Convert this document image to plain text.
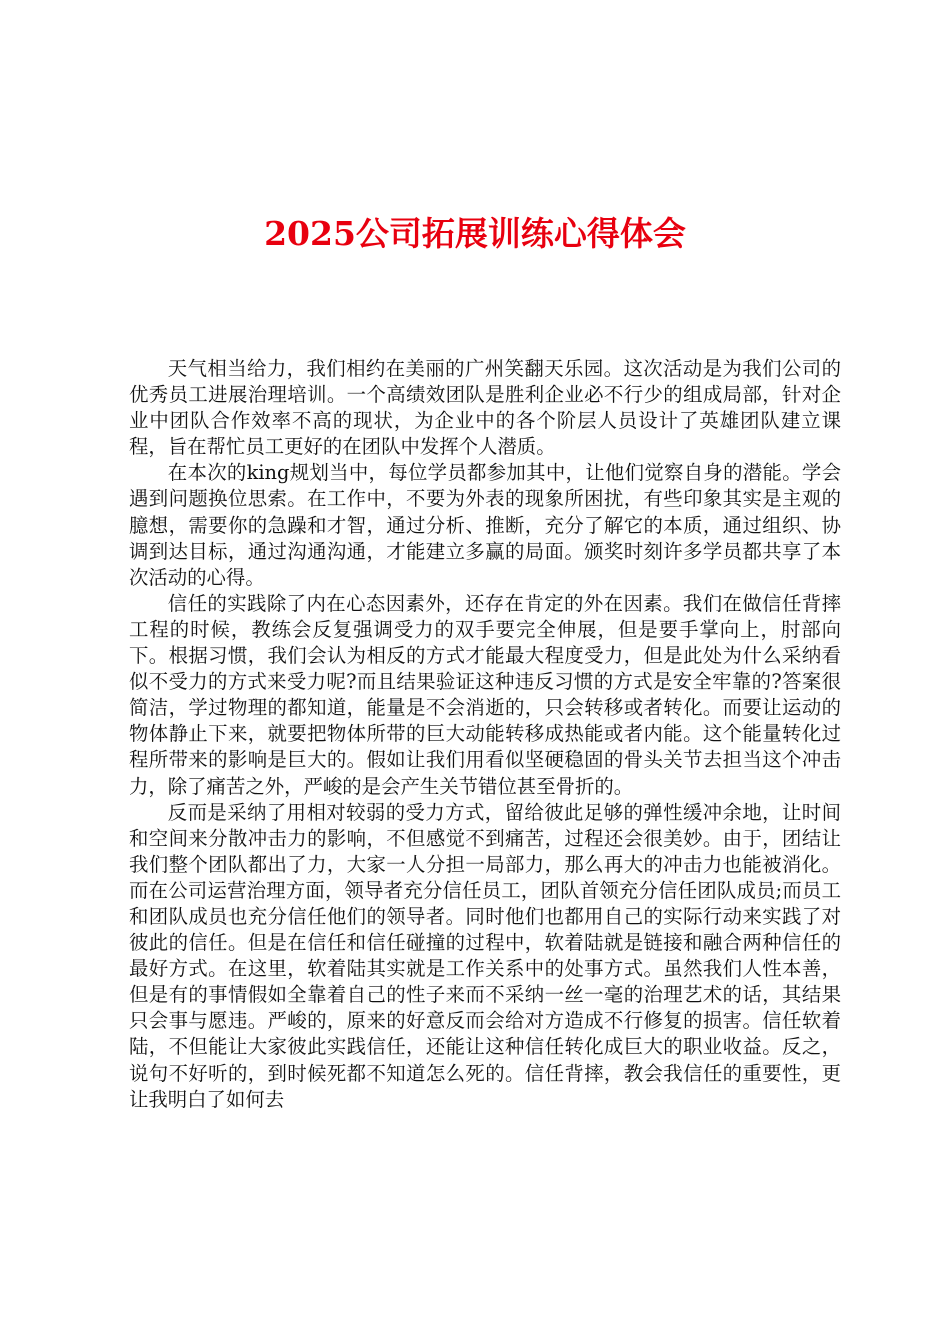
2025公司拓展训练心得体会

天气相当给力，我们相约在美丽的广州笑翻天乐园。这次活动是为我们公司的优秀员工进展治理培训。一个高绩效团队是胜利企业必不行少的组成局部，针对企业中团队合作效率不高的现状，为企业中的各个阶层人员设计了英雄团队建立课程，旨在帮忙员工更好的在团队中发挥个人潜质。

在本次的king规划当中，每位学员都参加其中，让他们觉察自身的潜能。学会遇到问题换位思索。在工作中，不要为外表的现象所困扰，有些印象其实是主观的臆想，需要你的急躁和才智，通过分析、推断，充分了解它的本质，通过组织、协调到达目标，通过沟通沟通，才能建立多赢的局面。颁奖时刻许多学员都共享了本次活动的心得。

信任的实践除了内在心态因素外，还存在肯定的外在因素。我们在做信任背摔工程的时候，教练会反复强调受力的双手要完全伸展，但是要手掌向上，肘部向下。根据习惯，我们会认为相反的方式才能最大程度受力，但是此处为什么采纳看似不受力的方式来受力呢?而且结果验证这种违反习惯的方式是安全牢靠的?答案很简洁，学过物理的都知道，能量是不会消逝的，只会转移或者转化。而要让运动的物体静止下来，就要把物体所带的巨大动能转移成热能或者内能。这个能量转化过程所带来的影响是巨大的。假如让我们用看似坚硬稳固的骨头关节去担当这个冲击力，除了痛苦之外，严峻的是会产生关节错位甚至骨折的。

反而是采纳了用相对较弱的受力方式，留给彼此足够的弹性缓冲余地，让时间和空间来分散冲击力的影响，不但感觉不到痛苦，过程还会很美妙。由于，团结让我们整个团队都出了力，大家一人分担一局部力，那么再大的冲击力也能被消化。而在公司运营治理方面，领导者充分信任员工，团队首领充分信任团队成员;而员工和团队成员也充分信任他们的领导者。同时他们也都用自己的实际行动来实践了对彼此的信任。但是在信任和信任碰撞的过程中，软着陆就是链接和融合两种信任的最好方式。在这里，软着陆其实就是工作关系中的处事方式。虽然我们人性本善，但是有的事情假如全靠着自己的性子来而不采纳一丝一毫的治理艺术的话，其结果只会事与愿违。严峻的，原来的好意反而会给对方造成不行修复的损害。信任软着陆，不但能让大家彼此实践信任，还能让这种信任转化成巨大的职业收益。反之，说句不好听的，到时候死都不知道怎么死的。信任背摔，教会我信任的重要性，更让我明白了如何去
